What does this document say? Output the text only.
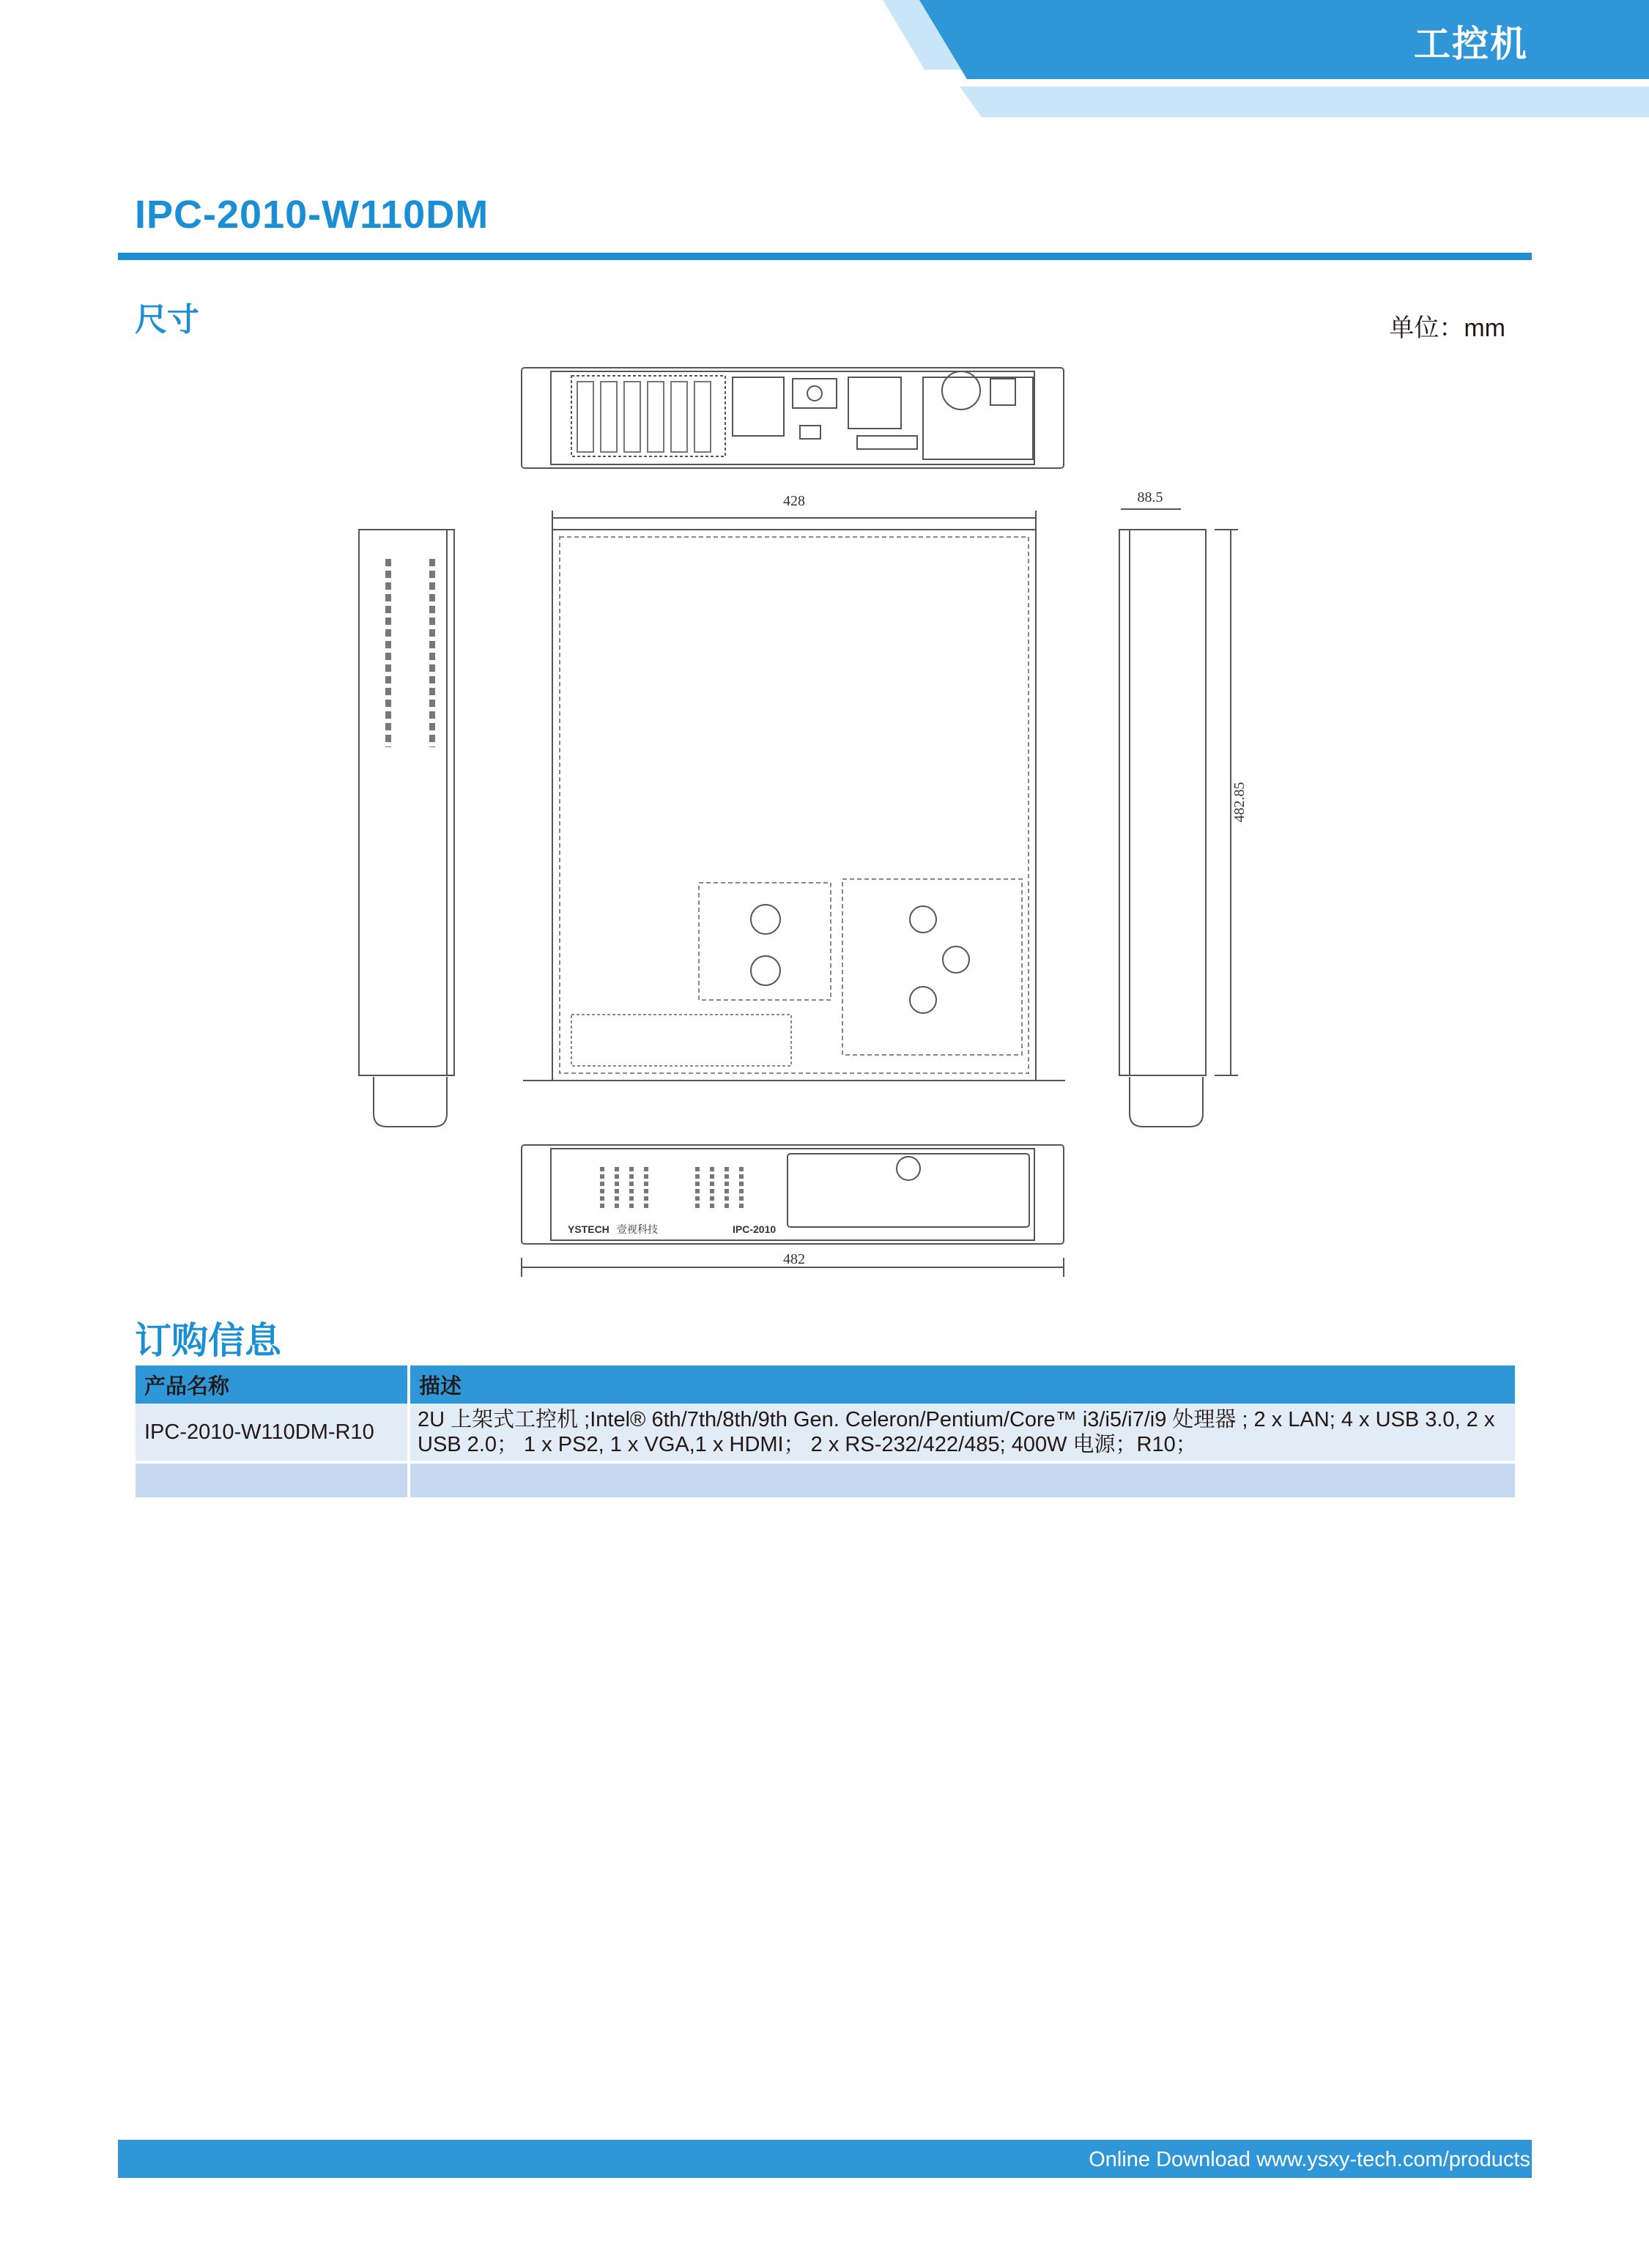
工控机
IPC-2010-W110DM
尺寸	单位：mm
428	88.5
482.85
482
YSTECH 壹视科技	IPC-2010
订购信息
产品名称	描述
IPC-2010-W110DM-R10	2U 上架式工控机 ;Intel® 6th/7th/8th/9th Gen. Celeron/Pentium/Core™ i3/i5/i7/i9 处理器 ; 2 x LAN; 4 x USB 3.0, 2 x USB 2.0； 1 x PS2, 1 x VGA,1 x HDMI； 2 x RS-232/422/485; 400W 电源；R10；

Online Download www.ysxy-tech.com/products
